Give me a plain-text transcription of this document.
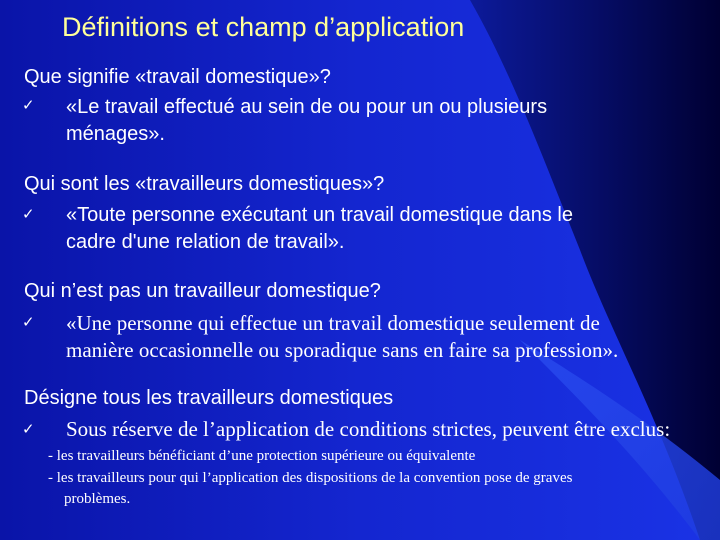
Définitions et champ d’application
Que signifie «travail domestique»?
✓ «Le travail effectué au sein de ou pour un ou plusieurs
ménages».
Qui sont les «travailleurs domestiques»?
✓ «Toute personne exécutant un travail domestique dans le
cadre d'une relation de travail».
Qui n’est pas un travailleur domestique?
✓ «Une personne qui effectue un travail domestique seulement de
manière occasionnelle ou sporadique sans en faire sa profession».
Désigne tous les travailleurs domestiques
✓ Sous réserve de l’application de conditions strictes, peuvent être exclus:
- les travailleurs bénéficiant d’une protection supérieure ou équivalente
- les travailleurs pour qui l’application des dispositions de la convention pose de graves
problèmes.
